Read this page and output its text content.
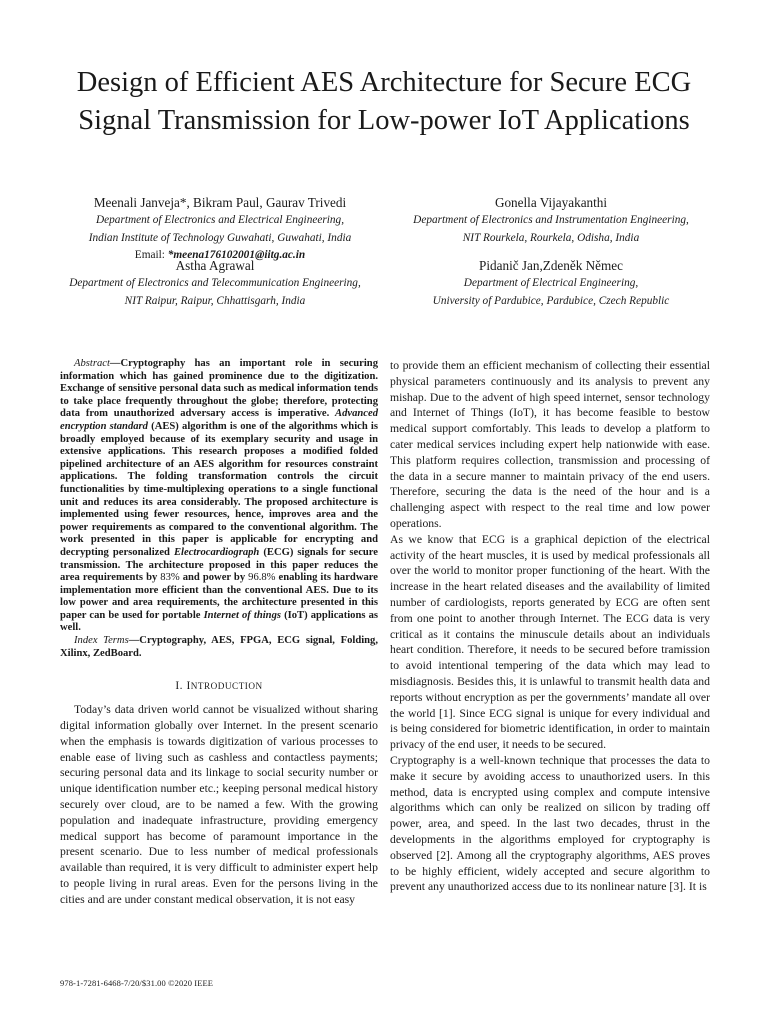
Design of Efficient AES Architecture for Secure ECG Signal Transmission for Low-power IoT Applications
Meenali Janveja*, Bikram Paul, Gaurav Trivedi
Department of Electronics and Electrical Engineering,
Indian Institute of Technology Guwahati, Guwahati, India
Email: *meena176102001@iitg.ac.in
Gonella Vijayakanthi
Department of Electronics and Instrumentation Engineering,
NIT Rourkela, Rourkela, Odisha, India
Astha Agrawal
Department of Electronics and Telecommunication Engineering,
NIT Raipur, Raipur, Chhattisgarh, India
Pidanič Jan,Zdeněk Němec
Department of Electrical Engineering,
University of Pardubice, Pardubice, Czech Republic

Abstract—Cryptography has an important role in securing information which has gained prominence due to the digitization. Exchange of sensitive personal data such as medical information tends to take place frequently throughout the globe; therefore, protecting data from unauthorized adversary access is imperative. Advanced encryption standard (AES) algorithm is one of the algorithms which is broadly employed because of its exemplary security and usage in extensive applications. This research proposes a modified folded pipelined architecture of an AES algorithm for resources constraint applications. The folding transformation controls the circuit functionalities by time-multiplexing operations to a single functional unit and reduces its area considerably. The proposed architecture is implemented using fewer resources, hence, improves area and the power requirements as compared to the conventional algorithm. The work presented in this paper is applicable for encrypting and decrypting personalized Electrocardiograph (ECG) signals for secure transmission. The architecture proposed in this paper reduces the area requirements by 83% and power by 96.8% enabling its hardware implementation more efficient than the conventional AES. Due to its low power and area requirements, the architecture presented in this paper can be used for portable Internet of things (IoT) applications as well.

Index Terms—Cryptography, AES, FPGA, ECG signal, Folding, Xilinx, ZedBoard.

I. INTRODUCTION

Today’s data driven world cannot be visualized without sharing digital information globally over Internet. In the present scenario when the emphasis is towards digitization of various processes to enable ease of living such as cashless and contactless payments; securing personal data and its linkage to social security number or unique identification number etc.; keeping personal medical history securely over cloud, are to be named a few. With the growing population and inadequate infrastructure, providing emergency medical support has become of paramount importance in the present scenario. Due to less number of medical professionals available than required, it is very difficult to administer expert help to people living in rural areas. Even for the persons living in the cities and are under constant medical observation, it is not easy

to provide them an efficient mechanism of collecting their essential physical parameters continuously and its analysis to prevent any mishap. Due to the advent of high speed internet, sensor technology and Internet of Things (IoT), it has become feasible to bestow medical support comfortably. This leads to develop a platform to cater medical services including expert help nationwide with ease. This platform requires collection, transmission and processing of the data in a secure manner to maintain privacy of the end users. Therefore, securing the data is the need of the hour and is a challenging aspect with respect to the real time and low power operations.

As we know that ECG is a graphical depiction of the electrical activity of the heart muscles, it is used by medical professionals all over the world to monitor proper functioning of the heart. With the increase in the heart related diseases and the availability of limited number of cardiologists, reports generated by ECG are often sent from one point to another through Internet. The ECG data is very critical as it contains the minuscule details about an individuals heart condition. Therefore, it needs to be secured before tramission to avoid intentional tempering of the data which may lead to misdiagnosis. Besides this, it is unlawful to transmit health data and reports without encryption as per the governments’ mandate all over the world [1]. Since ECG signal is unique for every individual and is being considered for biometric identification, in order to maintain privacy of the end user, it needs to be secured.

Cryptography is a well-known technique that processes the data to make it secure by avoiding access to unauthorized users. In this method, data is encrypted using complex and compute intensive algorithms which can only be realized on silicon by trading off power, area, and speed. In the last two decades, thrust in the developments in the algorithms employed for cryptography is observed [2]. Among all the cryptography algorithms, AES proves to be highly efficient, widely accepted and secure algorithm to prevent any unauthorized access due to its nonlinear nature [3]. It is

978-1-7281-6468-7/20/$31.00 ©2020 IEEE
